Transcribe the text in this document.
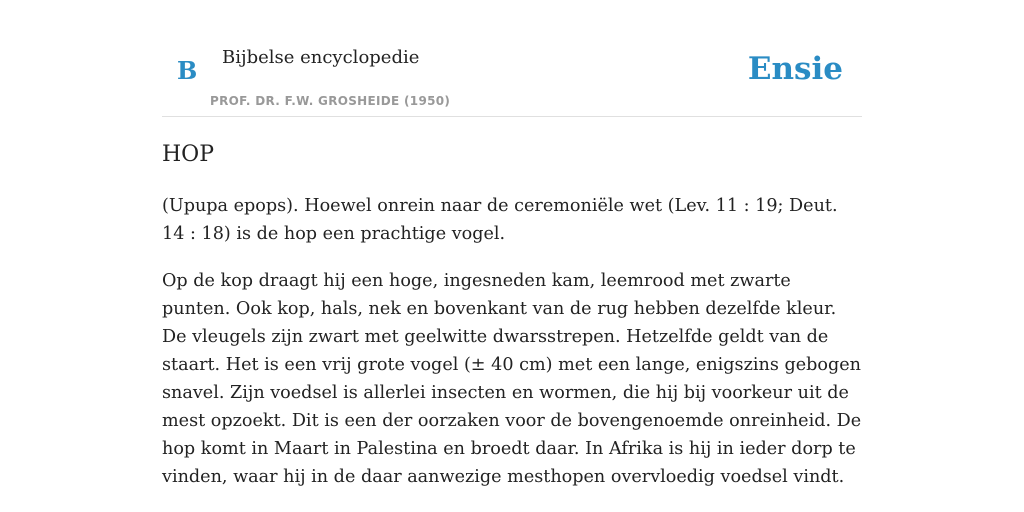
B Bijbelse encyclopedie
PROF. DR. F.W. GROSHEIDE (1950)
Ensie
HOP

(Upupa epops). Hoewel onrein naar de ceremoniële wet (Lev. 11 : 19; Deut. 14 : 18) is de hop een prachtige vogel.

Op de kop draagt hij een hoge, ingesneden kam, leemrood met zwarte punten. Ook kop, hals, nek en bovenkant van de rug hebben dezelfde kleur. De vleugels zijn zwart met geelwitte dwarsstrepen. Hetzelfde geldt van de staart. Het is een vrij grote vogel (± 40 cm) met een lange, enigszins gebogen snavel. Zijn voedsel is allerlei insecten en wormen, die hij bij voorkeur uit de mest opzoekt. Dit is een der oorzaken voor de bovengenoemde onreinheid. De hop komt in Maart in Palestina en broedt daar. In Afrika is hij in ieder dorp te vinden, waar hij in de daar aanwezige mesthopen overvloedig voedsel vindt.
